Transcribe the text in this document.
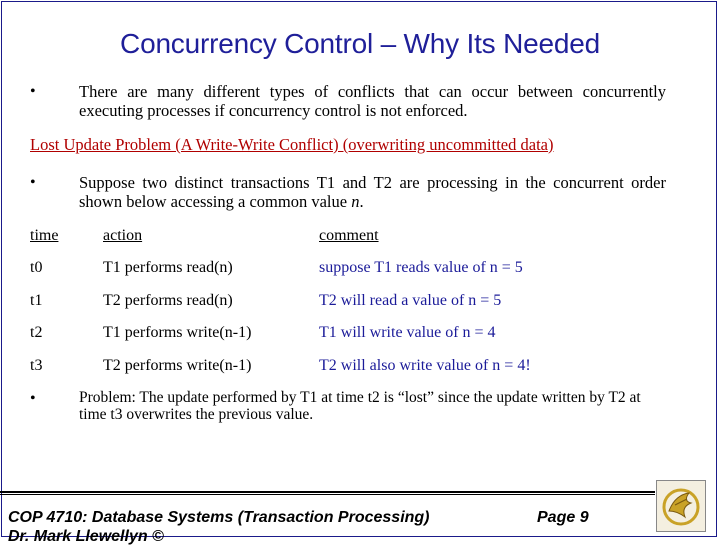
Concurrency Control – Why Its Needed
•	There are many different types of conflicts that can occur between concurrently executing processes if concurrency control is not enforced.
Lost Update Problem (A Write-Write Conflict) (overwriting uncommitted data)
•	Suppose two distinct transactions T1 and T2 are processing in the concurrent order shown below accessing a common value n.
time	action	comment
t0	T1 performs read(n)	suppose T1 reads value of n = 5
t1	T2 performs read(n)	T2 will read a value of n = 5
t2	T1 performs write(n-1)	T1 will write value of n = 4
t3	T2 performs write(n-1)	T2 will also write value of n = 4!
•	Problem: The update performed by T1 at time t2 is “lost” since the update written by T2 at time t3 overwrites the previous value.
COP 4710: Database Systems (Transaction Processing)	Page 9
Dr. Mark Llewellyn ©
